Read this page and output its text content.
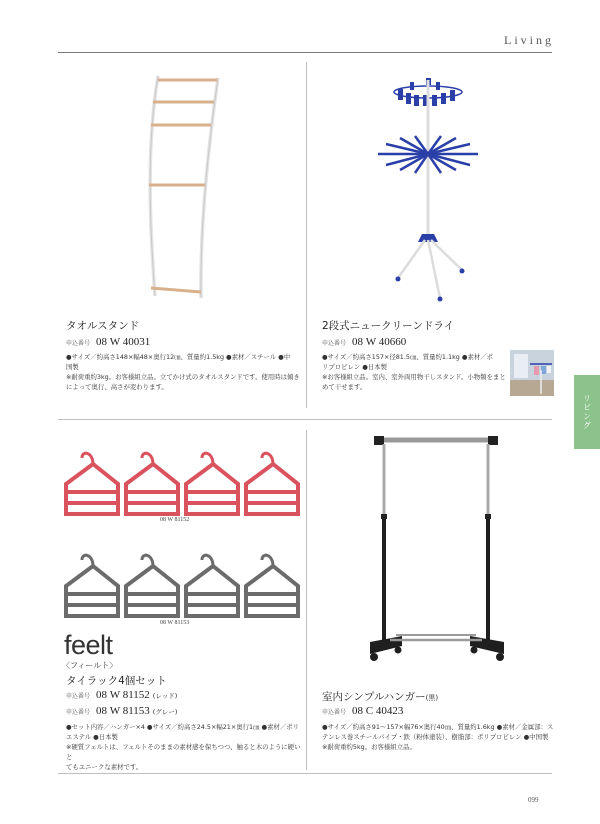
Living
リビング
タオルスタンド
申込番号 08 W 40031
●サイズ／約高さ148×幅48×奥行12㎝、質量約1.5kg ●素材／スチール ●中
国製
※耐荷重約3kg。お客様組立品。立てかけ式のタオルスタンドです。使用時は傾き
によって奥行、高さが変わります。
2段式ニュークリーンドライ
申込番号 08 W 40660
●サイズ／約高さ157×径81.5㎝、質量約1.1kg ●素材／ポ
リプロピレン ●日本製
※お客様組立品。室内、室外両用物干しスタンド。小物類をまと
めて干せます。
08 W 81152
08 W 81153
feelt
〈フィールト〉
タイラック4個セット
申込番号 08 W 81152 (レッド)
申込番号 08 W 81153 (グレー)
●セット内容／ハンガー×4 ●サイズ／約高さ24.5×幅21×奥行1㎝ ●素材／ポリ
エステル ●日本製
※硬質フェルトは、フェルトそのままの素材感を保ちつつ、触ると木のように硬いと
てもユニークな素材です。
室内シンプルハンガー(黒)
申込番号 08 C 40423
●サイズ／約高さ91～157×幅76×奥行40㎝、質量約1.6kg ●素材／金属部：ス
テンレス巻スチールパイプ・鉄（粉体塗装）、樹脂部：ポリプロピレン ●中国製
※耐荷重約5kg。お客様組立品。
099
